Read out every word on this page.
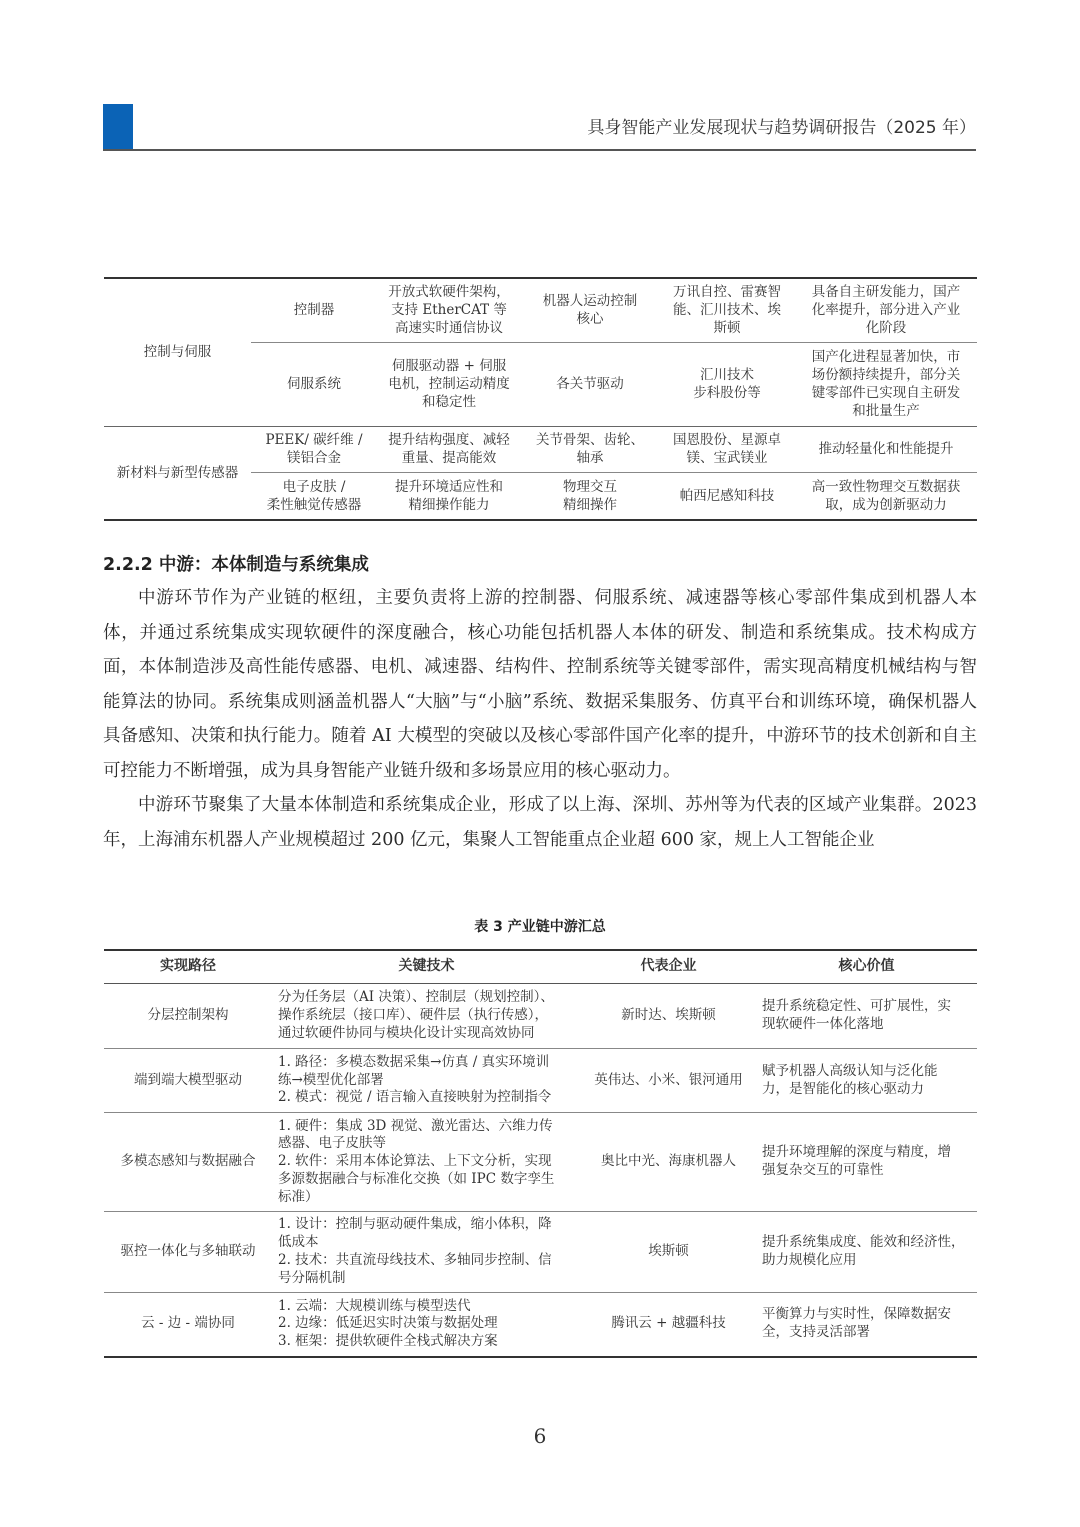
具身智能产业发展现状与趋势调研报告（2025 年）
控制与伺服	控制器	开放式软硬件架构，
支持 EtherCAT 等
高速实时通信协议	机器人运动控制
核心	万讯自控、雷赛智
能、汇川技术、埃
斯顿	具备自主研发能力，国产
化率提升，部分进入产业
化阶段
	伺服系统	伺服驱动器 + 伺服
电机，控制运动精度
和稳定性	各关节驱动	汇川技术
步科股份等	国产化进程显著加快，市
场份额持续提升，部分关
键零部件已实现自主研发
和批量生产
新材料与新型传感器	PEEK/ 碳纤维 /
镁铝合金	提升结构强度、减轻
重量、提高能效	关节骨架、齿轮、
轴承	国恩股份、星源卓
镁、宝武镁业	推动轻量化和性能提升
	电子皮肤 /
柔性触觉传感器	提升环境适应性和
精细操作能力	物理交互
精细操作	帕西尼感知科技	高一致性物理交互数据获
取，成为创新驱动力
2.2.2 中游：本体制造与系统集成

中游环节作为产业链的枢纽，主要负责将上游的控制器、伺服系统、减速器等核心零部件集成到机器人本体，并通过系统集成实现软硬件的深度融合，核心功能包括机器人本体的研发、制造和系统集成。技术构成方面，本体制造涉及高性能传感器、电机、减速器、结构件、控制系统等关键零部件，需实现高精度机械结构与智能算法的协同。系统集成则涵盖机器人“大脑”与“小脑”系统、数据采集服务、仿真平台和训练环境，确保机器人具备感知、决策和执行能力。随着 AI 大模型的突破以及核心零部件国产化率的提升，中游环节的技术创新和自主可控能力不断增强，成为具身智能产业链升级和多场景应用的核心驱动力。

中游环节聚集了大量本体制造和系统集成企业，形成了以上海、深圳、苏州等为代表的区域产业集群。2023 年，上海浦东机器人产业规模超过 200 亿元，集聚人工智能重点企业超 600 家，规上人工智能企业

表 3 产业链中游汇总
实现路径	关键技术	代表企业	核心价值
分层控制架构	分为任务层（AI 决策）、控制层（规划控制）、
操作系统层（接口库）、硬件层（执行传感），
通过软硬件协同与模块化设计实现高效协同	新时达、埃斯顿	提升系统稳定性、可扩展性，实
现软硬件一体化落地
端到端大模型驱动	1. 路径：多模态数据采集→仿真 / 真实环境训
练→模型优化部署
2. 模式：视觉 / 语言输入直接映射为控制指令	英伟达、小米、银河通用	赋予机器人高级认知与泛化能
力，是智能化的核心驱动力
多模态感知与数据融合	1. 硬件：集成 3D 视觉、激光雷达、六维力传
感器、电子皮肤等
2. 软件：采用本体论算法、上下文分析，实现
多源数据融合与标准化交换（如 IPC 数字孪生
标准）	奥比中光、海康机器人	提升环境理解的深度与精度，增
强复杂交互的可靠性
驱控一体化与多轴联动	1. 设计：控制与驱动硬件集成，缩小体积，降
低成本
2. 技术：共直流母线技术、多轴同步控制、信
号分隔机制	埃斯顿	提升系统集成度、能效和经济性，
助力规模化应用
云 - 边 - 端协同	1. 云端：大规模训练与模型迭代
2. 边缘：低延迟实时决策与数据处理
3. 框架：提供软硬件全栈式解决方案	腾讯云 + 越疆科技	平衡算力与实时性，保障数据安
全，支持灵活部署
6
